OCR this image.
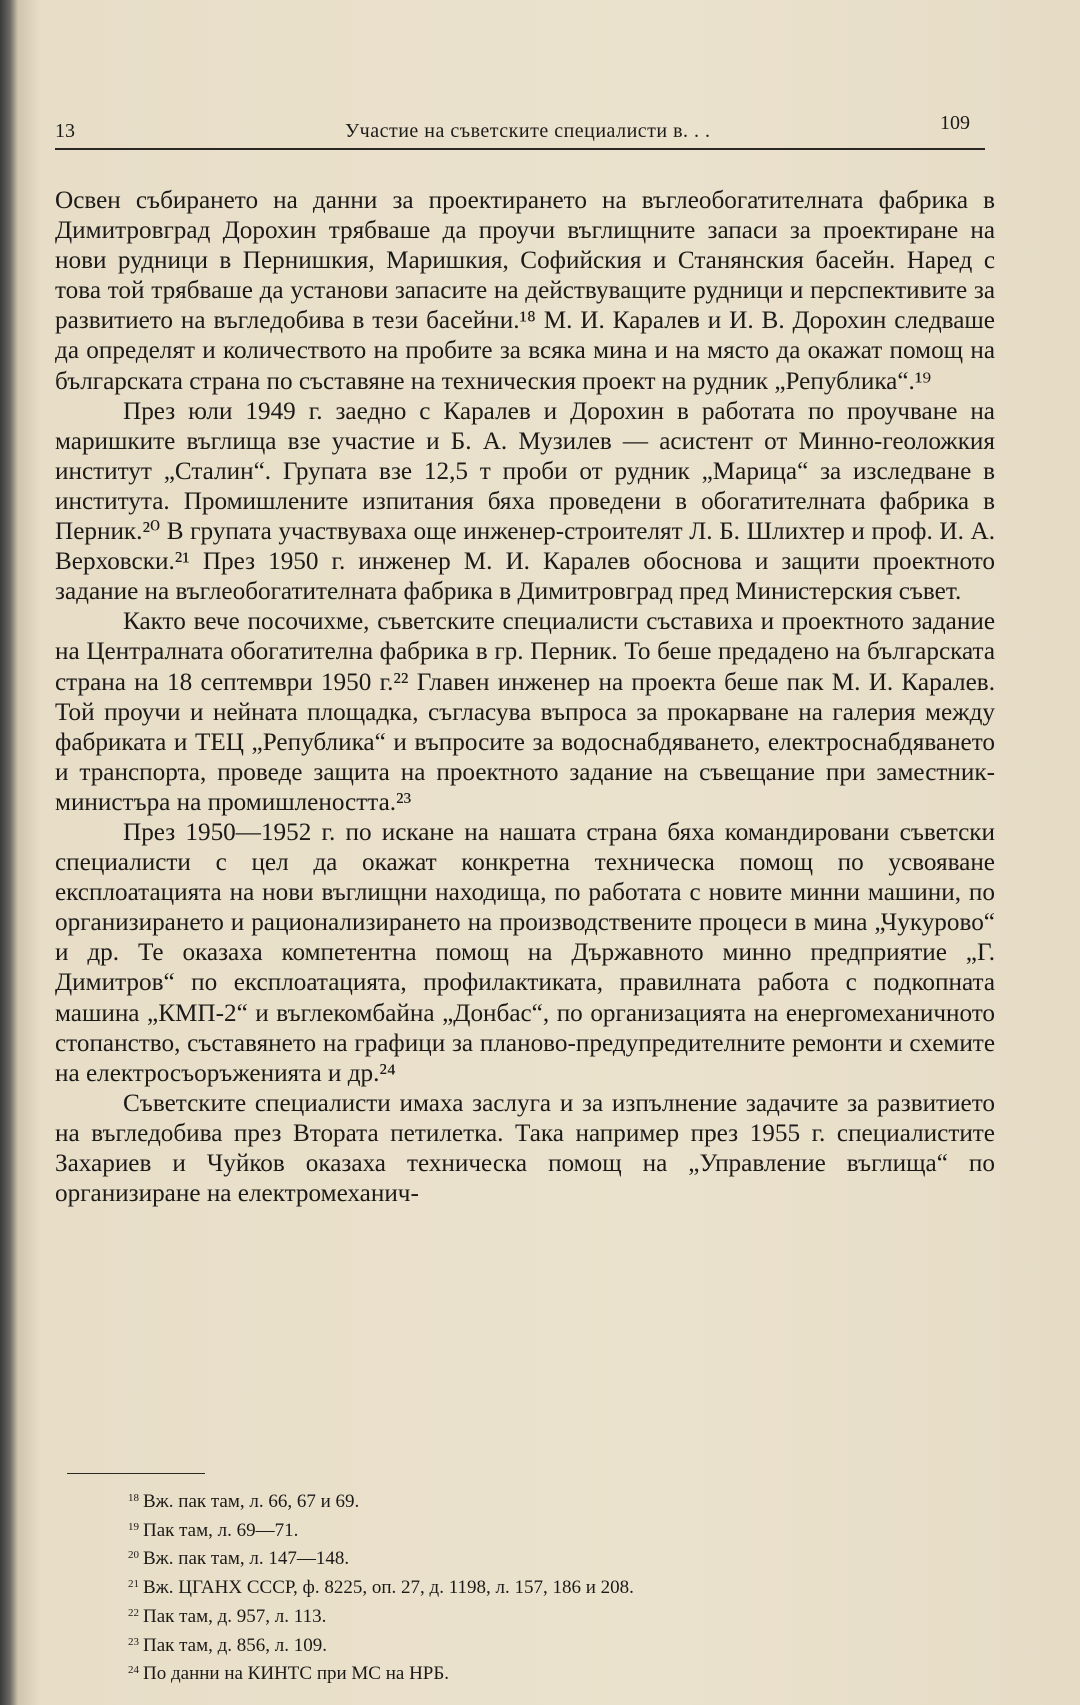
13	Участие на съветските специалисти в. . .	109

Освен събирането на данни за проектирането на въглеобогатителната фабрика в Димитровград Дорохин трябваше да проучи въглищните запаси за проектиране на нови рудници в Пернишкия, Маришкия, Софийския и Станянския басейн. Наред с това той трябваше да установи запасите на действуващите рудници и перспективите за развитието на въгледобива в тези басейни.¹⁸ М. И. Каралев и И. В. Дорохин следваше да определят и количеството на пробите за всяка мина и на място да окажат помощ на българската страна по съставяне на техническия проект на рудник „Република“.¹⁹

През юли 1949 г. заедно с Каралев и Дорохин в работата по проучване на маришките въглища взе участие и Б. А. Музилев — асистент от Минно-геоложкия институт „Сталин“. Групата взе 12,5 т проби от рудник „Марица“ за изследване в института. Промишлените изпитания бяха проведени в обогатителната фабрика в Перник.²⁰ В групата участвуваха още инженер-строителят Л. Б. Шлихтер и проф. И. А. Верховски.²¹ През 1950 г. инженер М. И. Каралев обоснова и защити проектното задание на въглеобогатителната фабрика в Димитровград пред Министерския съвет.

Както вече посочихме, съветските специалисти съставиха и проектното задание на Централната обогатителна фабрика в гр. Перник. То беше предадено на българската страна на 18 септември 1950 г.²² Главен инженер на проекта беше пак М. И. Каралев. Той проучи и нейната площадка, съгласува въпроса за прокарване на галерия между фабриката и ТЕЦ „Република“ и въпросите за водоснабдяването, електроснабдяването и транспорта, проведе защита на проектното задание на съвещание при заместник-министъра на промишлеността.²³

През 1950—1952 г. по искане на нашата страна бяха командировани съветски специалисти с цел да окажат конкретна техническа помощ по усвояване експлоатацията на нови въглищни находища, по работата с новите минни машини, по организирането и рационализирането на производствените процеси в мина „Чукурово“ и др. Те оказаха компетентна помощ на Държавното минно предприятие „Г. Димитров“ по експлоатацията, профилактиката, правилната работа с подкопната машина „КМП-2“ и въглекомбайна „Донбас“, по организацията на енергомеханичното стопанство, съставянето на графици за планово-предупредителните ремонти и схемите на електросъоръженията и др.²⁴

Съветските специалисти имаха заслуга и за изпълнение задачите за развитието на въгледобива през Втората петилетка. Така например през 1955 г. специалистите Захариев и Чуйков оказаха техническа помощ на „Управление въглища“ по организиране на електромеханич-

$^{18}$ Вж. пак там, л. 66, 67 и 69.
$^{19}$ Пак там, л. 69—71.
$^{20}$ Вж. пак там, л. 147—148.
$^{21}$ Вж. ЦГАНХ СССР, ф. 8225, оп. 27, д. 1198, л. 157, 186 и 208.
$^{22}$ Пак там, д. 957, л. 113.
$^{23}$ Пак там, д. 856, л. 109.
$^{24}$ По данни на КИНТС при МС на НРБ.
